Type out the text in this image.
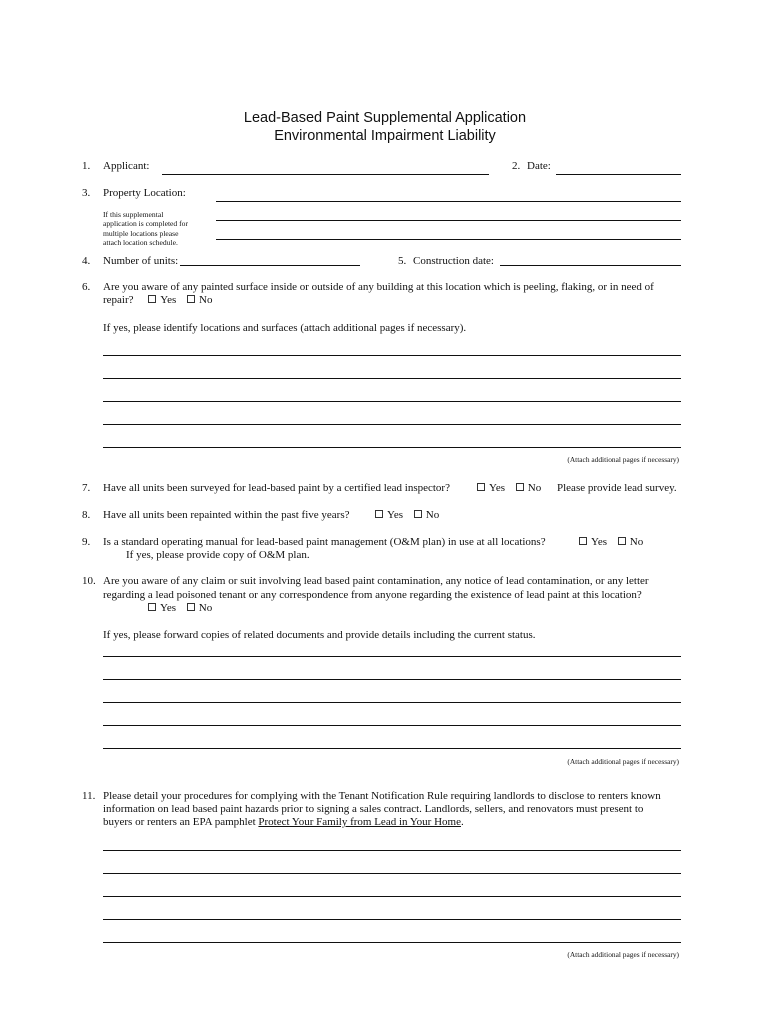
Lead-Based Paint Supplemental Application
Environmental Impairment Liability
1. Applicant:	2. Date:
3. Property Location:
If this supplemental
application is completed for
multiple locations please
attach location schedule.
4. Number of units:	5. Construction date:
6. Are you aware of any painted surface inside or outside of any building at this location which is peeling, flaking, or in need of
repair? Yes No
If yes, please identify locations and surfaces (attach additional pages if necessary).
(Attach additional pages if necessary)
7. Have all units been surveyed for lead-based paint by a certified lead inspector?	Yes No Please provide lead survey.
8. Have all units been repainted within the past five years?	Yes No
9. Is a standard operating manual for lead-based paint management (O&M plan) in use at all locations?	Yes No
If yes, please provide copy of O&M plan.
10. Are you aware of any claim or suit involving lead based paint contamination, any notice of lead contamination, or any letter
regarding a lead poisoned tenant or any correspondence from anyone regarding the existence of lead paint at this location?
Yes No
If yes, please forward copies of related documents and provide details including the current status.
(Attach additional pages if necessary)
11. Please detail your procedures for complying with the Tenant Notification Rule requiring landlords to disclose to renters known
information on lead based paint hazards prior to signing a sales contract. Landlords, sellers, and renovators must present to
buyers or renters an EPA pamphlet Protect Your Family from Lead in Your Home.
(Attach additional pages if necessary)
